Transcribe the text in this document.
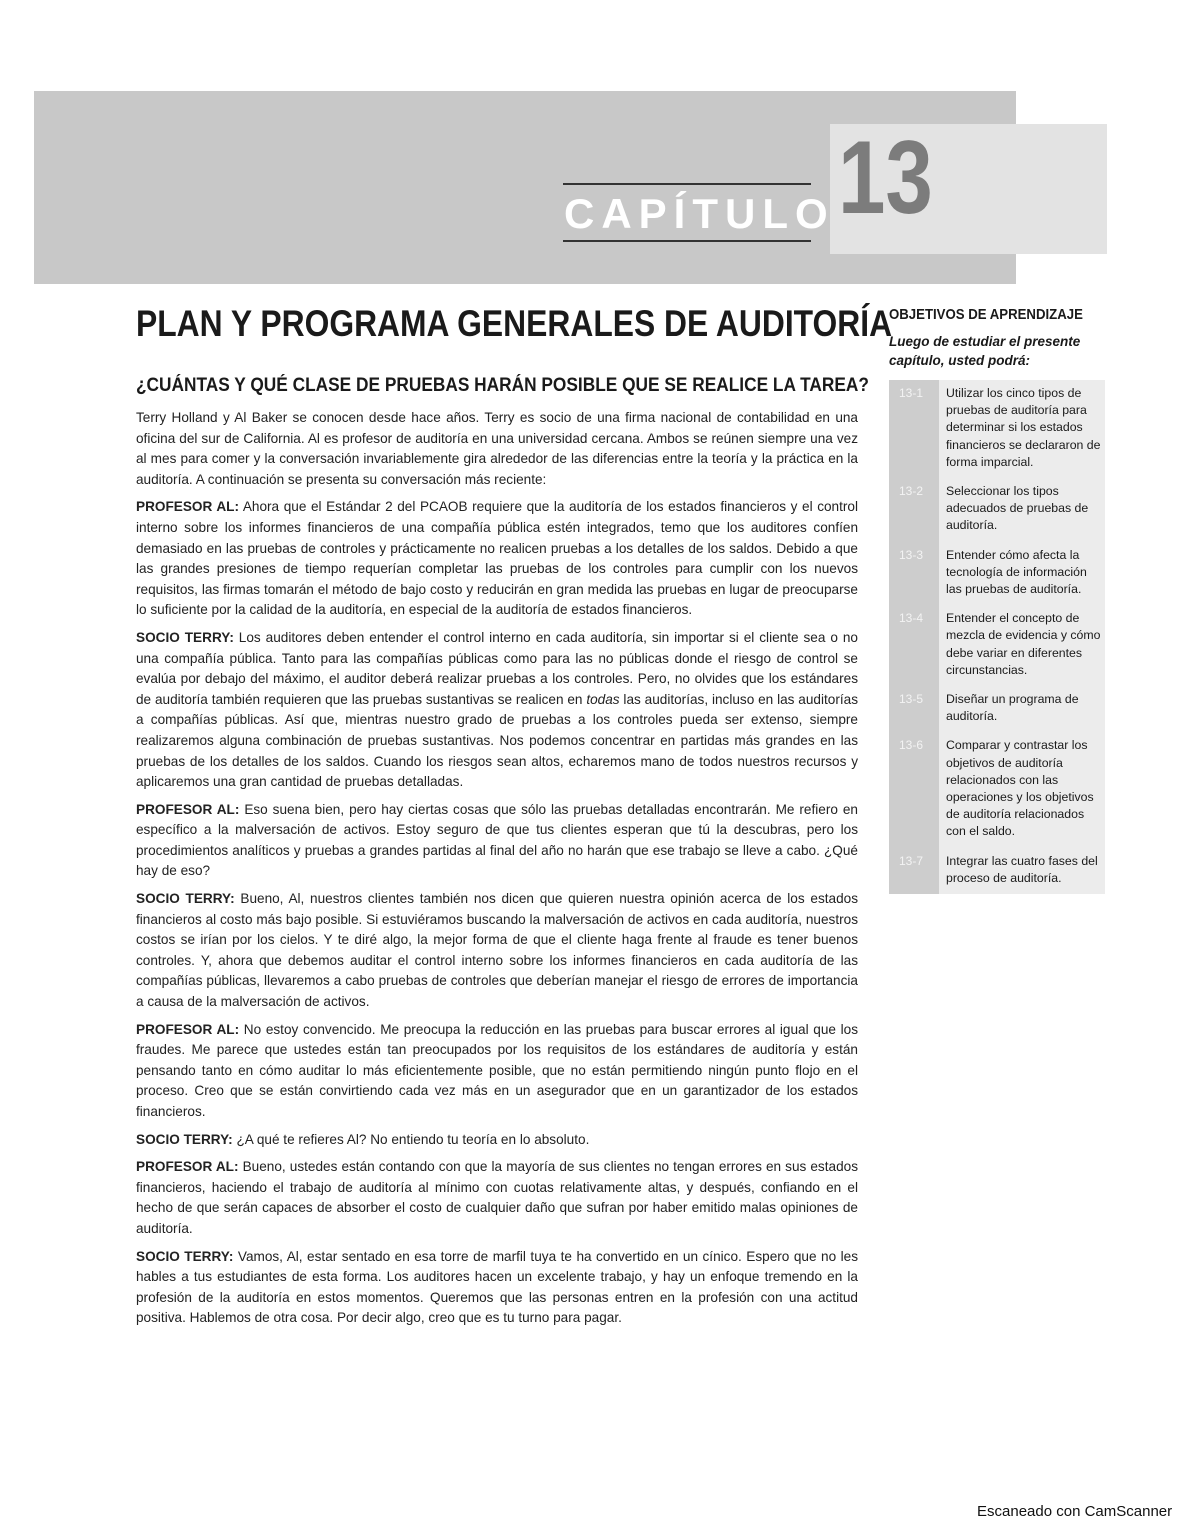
13
CAPÍTULO
PLAN Y PROGRAMA GENERALES DE AUDITORÍA
¿CUÁNTAS Y QUÉ CLASE DE PRUEBAS HARÁN POSIBLE QUE SE REALICE LA TAREA?

Terry Holland y Al Baker se conocen desde hace años. Terry es socio de una firma nacional de contabilidad en una oficina del sur de California. Al es profesor de auditoría en una universidad cercana. Ambos se reúnen siempre una vez al mes para comer y la conversación invariablemente gira alrededor de las diferencias entre la teoría y la práctica en la auditoría. A continuación se presenta su conversación más reciente:

PROFESOR AL: Ahora que el Estándar 2 del PCAOB requiere que la auditoría de los estados financieros y el control interno sobre los informes financieros de una compañía pública estén integrados, temo que los auditores confíen demasiado en las pruebas de controles y prácticamente no realicen pruebas a los detalles de los saldos. Debido a que las grandes presiones de tiempo requerían completar las pruebas de los controles para cumplir con los nuevos requisitos, las firmas tomarán el método de bajo costo y reducirán en gran medida las pruebas en lugar de preocuparse lo suficiente por la calidad de la auditoría, en especial de la auditoría de estados financieros.

SOCIO TERRY: Los auditores deben entender el control interno en cada auditoría, sin importar si el cliente sea o no una compañía pública. Tanto para las compañías públicas como para las no públicas donde el riesgo de control se evalúa por debajo del máximo, el auditor deberá realizar pruebas a los controles. Pero, no olvides que los estándares de auditoría también requieren que las pruebas sustantivas se realicen en todas las auditorías, incluso en las auditorías a compañías públicas. Así que, mientras nuestro grado de pruebas a los controles pueda ser extenso, siempre realizaremos alguna combinación de pruebas sustantivas. Nos podemos concentrar en partidas más grandes en las pruebas de los detalles de los saldos. Cuando los riesgos sean altos, echaremos mano de todos nuestros recursos y aplicaremos una gran cantidad de pruebas detalladas.

PROFESOR AL: Eso suena bien, pero hay ciertas cosas que sólo las pruebas detalladas encontrarán. Me refiero en específico a la malversación de activos. Estoy seguro de que tus clientes esperan que tú la descubras, pero los procedimientos analíticos y pruebas a grandes partidas al final del año no harán que ese trabajo se lleve a cabo. ¿Qué hay de eso?

SOCIO TERRY: Bueno, Al, nuestros clientes también nos dicen que quieren nuestra opinión acerca de los estados financieros al costo más bajo posible. Si estuviéramos buscando la malversación de activos en cada auditoría, nuestros costos se irían por los cielos. Y te diré algo, la mejor forma de que el cliente haga frente al fraude es tener buenos controles. Y, ahora que debemos auditar el control interno sobre los informes financieros en cada auditoría de las compañías públicas, llevaremos a cabo pruebas de controles que deberían manejar el riesgo de errores de importancia a causa de la malversación de activos.

PROFESOR AL: No estoy convencido. Me preocupa la reducción en las pruebas para buscar errores al igual que los fraudes. Me parece que ustedes están tan preocupados por los requisitos de los estándares de auditoría y están pensando tanto en cómo auditar lo más eficientemente posible, que no están permitiendo ningún punto flojo en el proceso. Creo que se están convirtiendo cada vez más en un asegurador que en un garantizador de los estados financieros.

SOCIO TERRY: ¿A qué te refieres Al? No entiendo tu teoría en lo absoluto.

PROFESOR AL: Bueno, ustedes están contando con que la mayoría de sus clientes no tengan errores en sus estados financieros, haciendo el trabajo de auditoría al mínimo con cuotas relativamente altas, y después, confiando en el hecho de que serán capaces de absorber el costo de cualquier daño que sufran por haber emitido malas opiniones de auditoría.

SOCIO TERRY: Vamos, Al, estar sentado en esa torre de marfil tuya te ha convertido en un cínico. Espero que no les hables a tus estudiantes de esta forma. Los auditores hacen un excelente trabajo, y hay un enfoque tremendo en la profesión de la auditoría en estos momentos. Queremos que las personas entren en la profesión con una actitud positiva. Hablemos de otra cosa. Por decir algo, creo que es tu turno para pagar.

OBJETIVOS DE APRENDIZAJE
Luego de estudiar el presente capítulo, usted podrá:
13-1	Utilizar los cinco tipos de pruebas de auditoría para determinar si los estados financieros se declararon de forma imparcial.
13-2	Seleccionar los tipos adecuados de pruebas de auditoría.
13-3	Entender cómo afecta la tecnología de información las pruebas de auditoría.
13-4	Entender el concepto de mezcla de evidencia y cómo debe variar en diferentes circunstancias.
13-5	Diseñar un programa de auditoría.
13-6	Comparar y contrastar los objetivos de auditoría relacionados con las operaciones y los objetivos de auditoría relacionados con el saldo.
13-7	Integrar las cuatro fases del proceso de auditoría.
Escaneado con CamScanner
